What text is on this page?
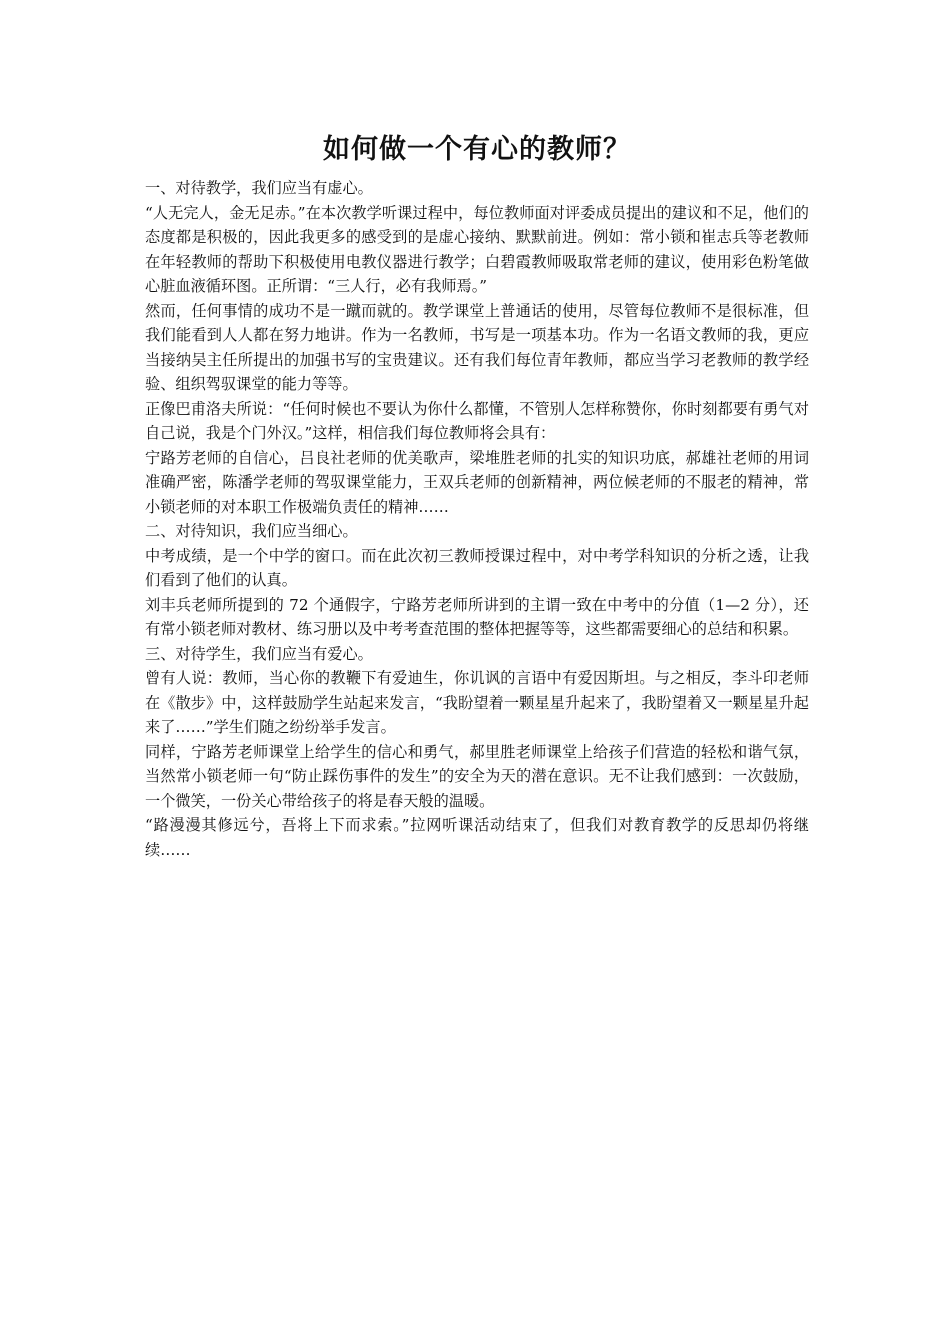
如何做一个有心的教师？

一、对待教学，我们应当有虚心。

“人无完人，金无足赤。”在本次教学听课过程中，每位教师面对评委成员提出的建议和不足，他们的态度都是积极的，因此我更多的感受到的是虚心接纳、默默前进。例如：常小锁和崔志兵等老教师在年轻教师的帮助下积极使用电教仪器进行教学；白碧霞教师吸取常老师的建议，使用彩色粉笔做心脏血液循环图。正所谓：“三人行，必有我师焉。”

然而，任何事情的成功不是一蹴而就的。教学课堂上普通话的使用，尽管每位教师不是很标准，但我们能看到人人都在努力地讲。作为一名教师，书写是一项基本功。作为一名语文教师的我，更应当接纳吴主任所提出的加强书写的宝贵建议。还有我们每位青年教师，都应当学习老教师的教学经验、组织驾驭课堂的能力等等。

正像巴甫洛夫所说：“任何时候也不要认为你什么都懂，不管别人怎样称赞你，你时刻都要有勇气对自己说，我是个门外汉。”这样，相信我们每位教师将会具有：

宁路芳老师的自信心，吕良社老师的优美歌声，梁堆胜老师的扎实的知识功底，郝雄社老师的用词准确严密，陈潘学老师的驾驭课堂能力，王双兵老师的创新精神，两位候老师的不服老的精神，常小锁老师的对本职工作极端负责任的精神……

二、对待知识，我们应当细心。

中考成绩，是一个中学的窗口。而在此次初三教师授课过程中，对中考学科知识的分析之透，让我们看到了他们的认真。

刘丰兵老师所提到的 72 个通假字，宁路芳老师所讲到的主谓一致在中考中的分值（1—2 分），还有常小锁老师对教材、练习册以及中考考查范围的整体把握等等，这些都需要细心的总结和积累。

三、对待学生，我们应当有爱心。

曾有人说：教师，当心你的教鞭下有爱迪生，你讥讽的言语中有爱因斯坦。与之相反，李斗印老师在《散步》中，这样鼓励学生站起来发言，“我盼望着一颗星星升起来了，我盼望着又一颗星星升起来了……”学生们随之纷纷举手发言。

同样，宁路芳老师课堂上给学生的信心和勇气，郝里胜老师课堂上给孩子们营造的轻松和谐气氛，当然常小锁老师一句“防止踩伤事件的发生”的安全为天的潜在意识。无不让我们感到：一次鼓励，一个微笑，一份关心带给孩子的将是春天般的温暖。

“路漫漫其修远兮，吾将上下而求索。”拉网听课活动结束了，但我们对教育教学的反思却仍将继续……
